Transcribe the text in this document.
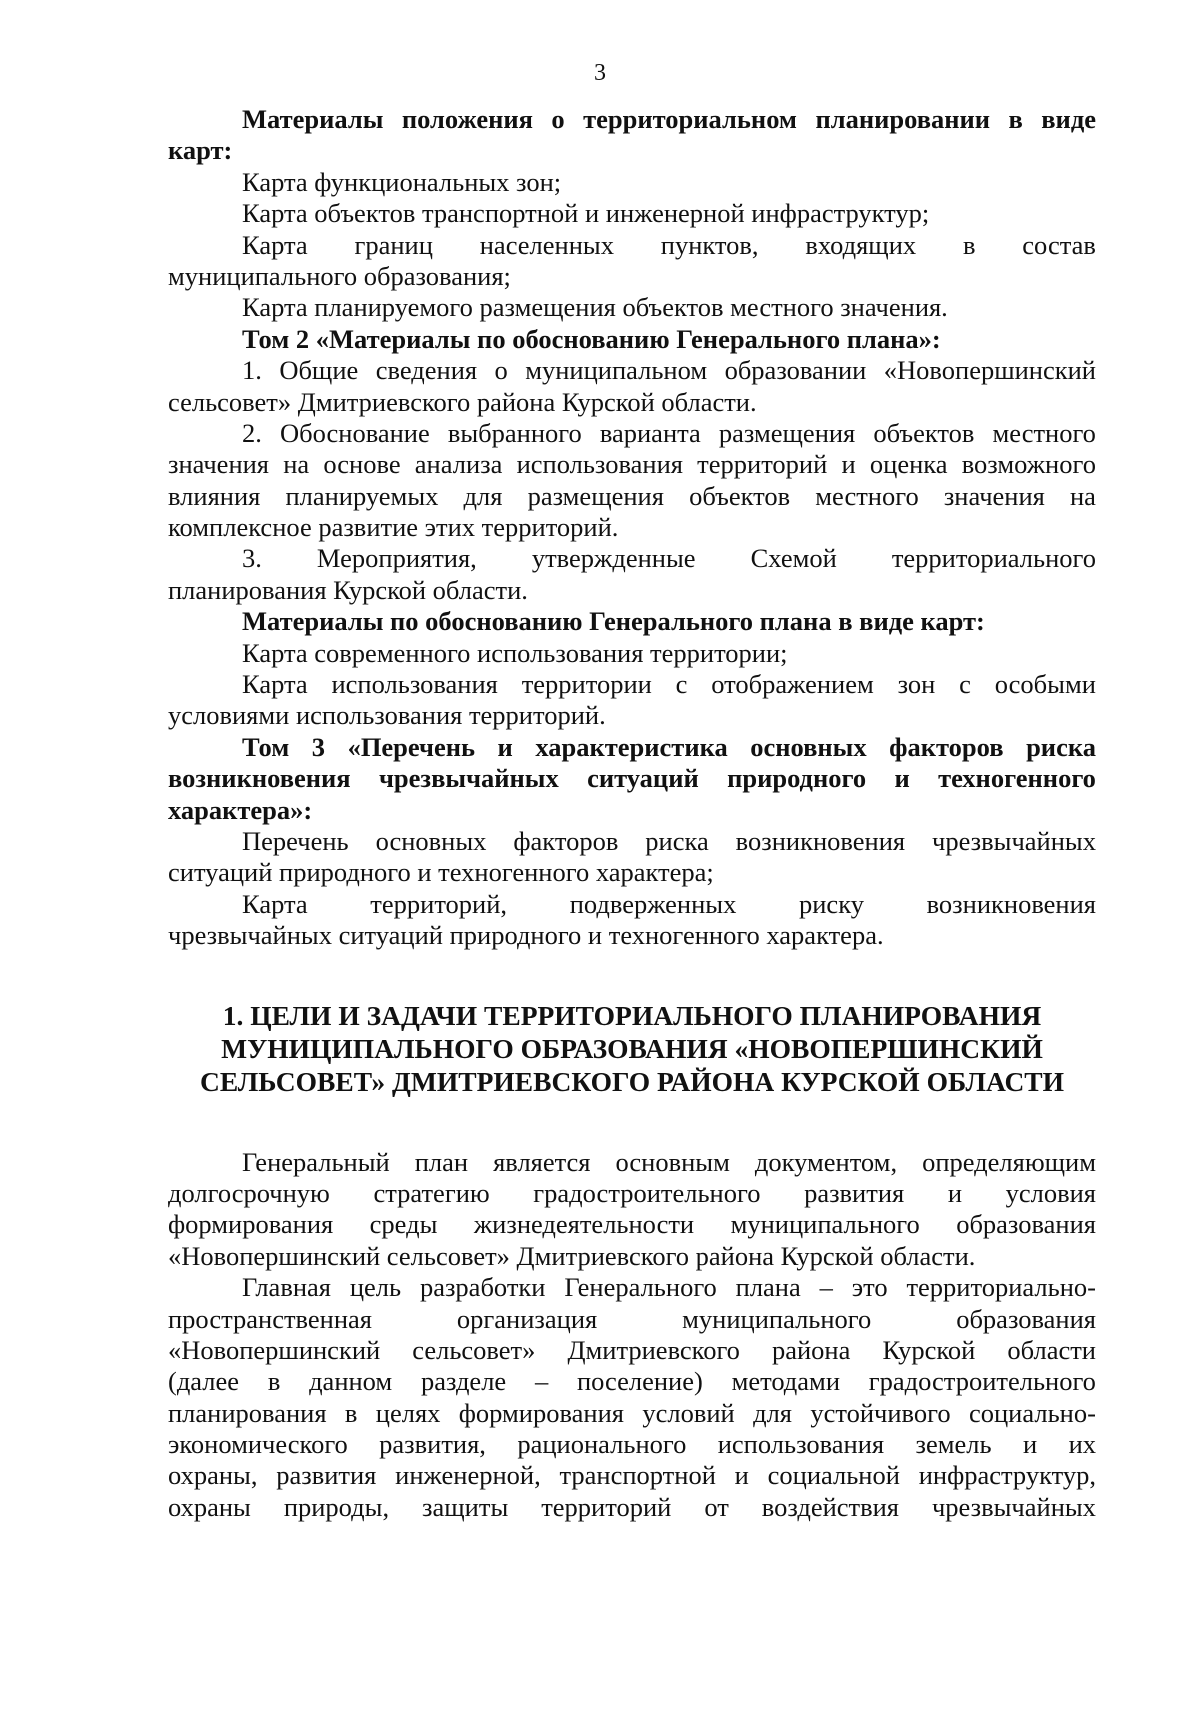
3
Материалы положения о территориальном планировании в виде
карт:
Карта функциональных зон;
Карта объектов транспортной и инженерной инфраструктур;
Карта границ населенных пунктов, входящих в состав
муниципального образования;
Карта планируемого размещения объектов местного значения.
Том 2 «Материалы по обоснованию Генерального плана»:
1. Общие сведения о муниципальном образовании «Новопершинский
сельсовет» Дмитриевского района Курской области.
2. Обоснование выбранного варианта размещения объектов местного
значения на основе анализа использования территорий и оценка возможного
влияния планируемых для размещения объектов местного значения на
комплексное развитие этих территорий.
3. Мероприятия, утвержденные Схемой территориального
планирования Курской области.
Материалы по обоснованию Генерального плана в виде карт:
Карта современного использования территории;
Карта использования территории с отображением зон с особыми
условиями использования территорий.
Том 3 «Перечень и характеристика основных факторов риска
возникновения чрезвычайных ситуаций природного и техногенного
характера»:
Перечень основных факторов риска возникновения чрезвычайных
ситуаций природного и техногенного характера;
Карта территорий, подверженных риску возникновения
чрезвычайных ситуаций природного и техногенного характера.
1. ЦЕЛИ И ЗАДАЧИ ТЕРРИТОРИАЛЬНОГО ПЛАНИРОВАНИЯ
МУНИЦИПАЛЬНОГО ОБРАЗОВАНИЯ «НОВОПЕРШИНСКИЙ
СЕЛЬСОВЕТ» ДМИТРИЕВСКОГО РАЙОНА КУРСКОЙ ОБЛАСТИ
Генеральный план является основным документом, определяющим
долгосрочную стратегию градостроительного развития и условия
формирования среды жизнедеятельности муниципального образования
«Новопершинский сельсовет» Дмитриевского района Курской области.
Главная цель разработки Генерального плана – это территориально-
пространственная	организация	муниципального	образования
«Новопершинский сельсовет» Дмитриевского района Курской области
(далее в данном разделе – поселение) методами градостроительного
планирования в целях формирования условий для устойчивого социально-
экономического развития, рационального использования земель и их
охраны, развития инженерной, транспортной и социальной инфраструктур,
охраны природы, защиты территорий от воздействия чрезвычайных
